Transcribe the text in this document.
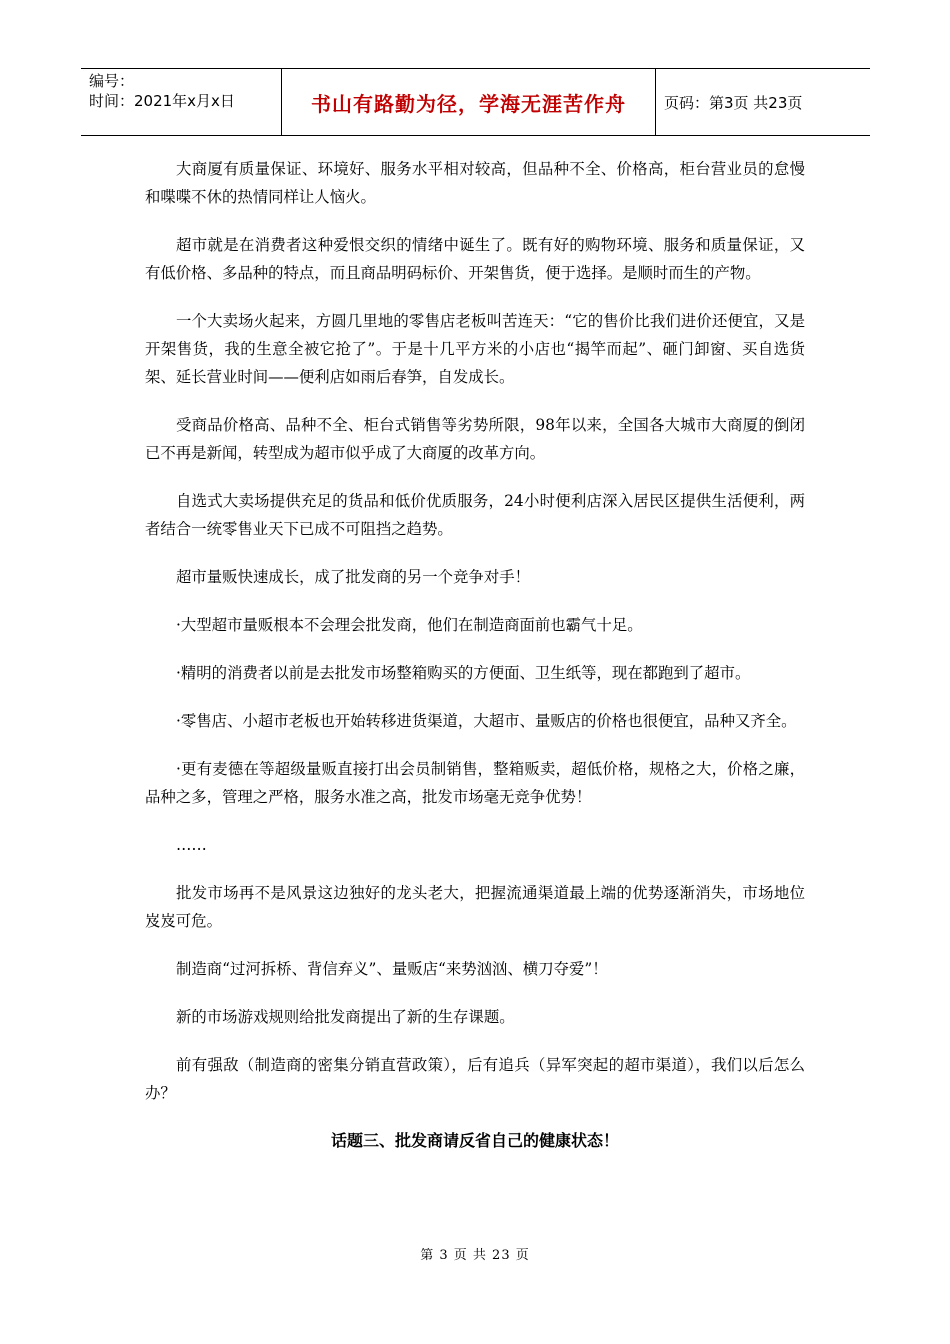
编号：
时间：2021年x月x日	书山有路勤为径，学海无涯苦作舟	页码：第3页 共23页

大商厦有质量保证、环境好、服务水平相对较高，但品种不全、价格高，柜台营业员的怠慢和喋喋不休的热情同样让人恼火。

超市就是在消费者这种爱恨交织的情绪中诞生了。既有好的购物环境、服务和质量保证，又有低价格、多品种的特点，而且商品明码标价、开架售货，便于选择。是顺时而生的产物。

一个大卖场火起来，方圆几里地的零售店老板叫苦连天：“它的售价比我们进价还便宜，又是开架售货，我的生意全被它抢了”。于是十几平方米的小店也“揭竿而起”、砸门卸窗、买自选货架、延长营业时间——便利店如雨后春笋，自发成长。

受商品价格高、品种不全、柜台式销售等劣势所限，98年以来，全国各大城市大商厦的倒闭已不再是新闻，转型成为超市似乎成了大商厦的改革方向。

自选式大卖场提供充足的货品和低价优质服务，24小时便利店深入居民区提供生活便利，两者结合一统零售业天下已成不可阻挡之趋势。

超市量贩快速成长，成了批发商的另一个竞争对手！

·大型超市量贩根本不会理会批发商，他们在制造商面前也霸气十足。

·精明的消费者以前是去批发市场整箱购买的方便面、卫生纸等，现在都跑到了超市。

·零售店、小超市老板也开始转移进货渠道，大超市、量贩店的价格也很便宜，品种又齐全。

·更有麦德在等超级量贩直接打出会员制销售，整箱贩卖，超低价格，规格之大，价格之廉，品种之多，管理之严格，服务水准之高，批发市场毫无竞争优势！

……

批发市场再不是风景这边独好的龙头老大，把握流通渠道最上端的优势逐渐消失，市场地位岌岌可危。

制造商“过河拆桥、背信弃义”、量贩店“来势汹汹、横刀夺爱”！

新的市场游戏规则给批发商提出了新的生存课题。

前有强敌（制造商的密集分销直营政策），后有追兵（异军突起的超市渠道），我们以后怎么办？

话题三、批发商请反省自己的健康状态！

第 3 页 共 23 页
